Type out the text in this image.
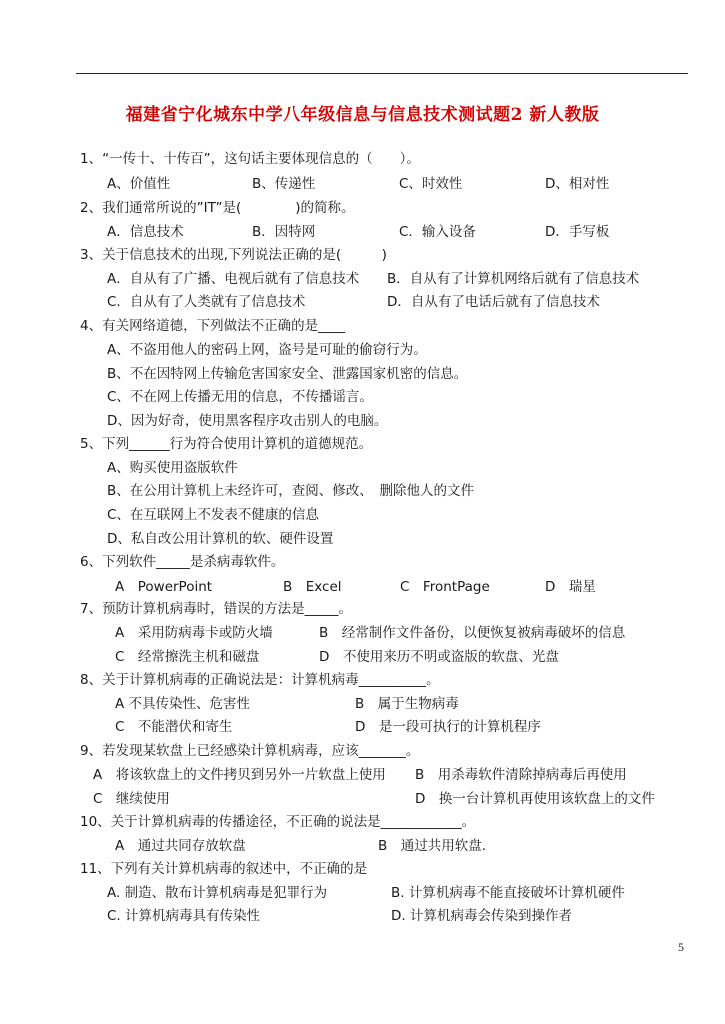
福建省宁化城东中学八年级信息与信息技术测试题2 新人教版
1、“一传十、十传百”，这句话主要体现信息的（　　）。
A、价值性	B、传递性	C、时效性	D、相对性
2、我们通常所说的”IT”是(　　　　)的简称。
A．信息技术	B．因特网	C．输入设备	D．手写板
3、关于信息技术的出现,下列说法正确的是(　　　)
A．自从有了广播、电视后就有了信息技术 B．自从有了计算机网络后就有了信息技术
C．自从有了人类就有了信息技术	D．自从有了电话后就有了信息技术
4、有关网络道德，下列做法不正确的是____
A、不盗用他人的密码上网，盗号是可耻的偷窃行为。
B、不在因特网上传输危害国家安全、泄露国家机密的信息。
C、不在网上传播无用的信息，不传播谣言。
D、因为好奇，使用黑客程序攻击别人的电脑。
5、下列______行为符合使用计算机的道德规范。
A、购买使用盗版软件
B、在公用计算机上未经许可，查阅、修改、　删除他人的文件
C、在互联网上不发表不健康的信息
D、私自改公用计算机的软、硬件设置
6、下列软件_____是杀病毒软件。
A　PowerPoint	B　Excel	C　FrontPage	D　瑞星
7、预防计算机病毒时，错误的方法是_____。
A　采用防病毒卡或防火墙	B　经常制作文件备份，以便恢复被病毒破坏的信息
C　经常擦洗主机和磁盘	D　不使用来历不明或盗版的软盘、光盘
8、关于计算机病毒的正确说法是：计算机病毒__________。
A 不具传染性、危害性	B　属于生物病毒
C　不能潜伏和寄生	D　是一段可执行的计算机程序
9、若发现某软盘上已经感染计算机病毒，应该_______。
A　将该软盘上的文件拷贝到另外一片软盘上使用 B　用杀毒软件清除掉病毒后再使用
C　继续使用	D　换一台计算机再使用该软盘上的文件
10、关于计算机病毒的传播途径，不正确的说法是____________。
A　通过共同存放软盘	B　通过共用软盘.
11、下列有关计算机病毒的叙述中，不正确的是
A. 制造、散布计算机病毒是犯罪行为	B. 计算机病毒不能直接破坏计算机硬件
C. 计算机病毒具有传染性	D. 计算机病毒会传染到操作者
5
